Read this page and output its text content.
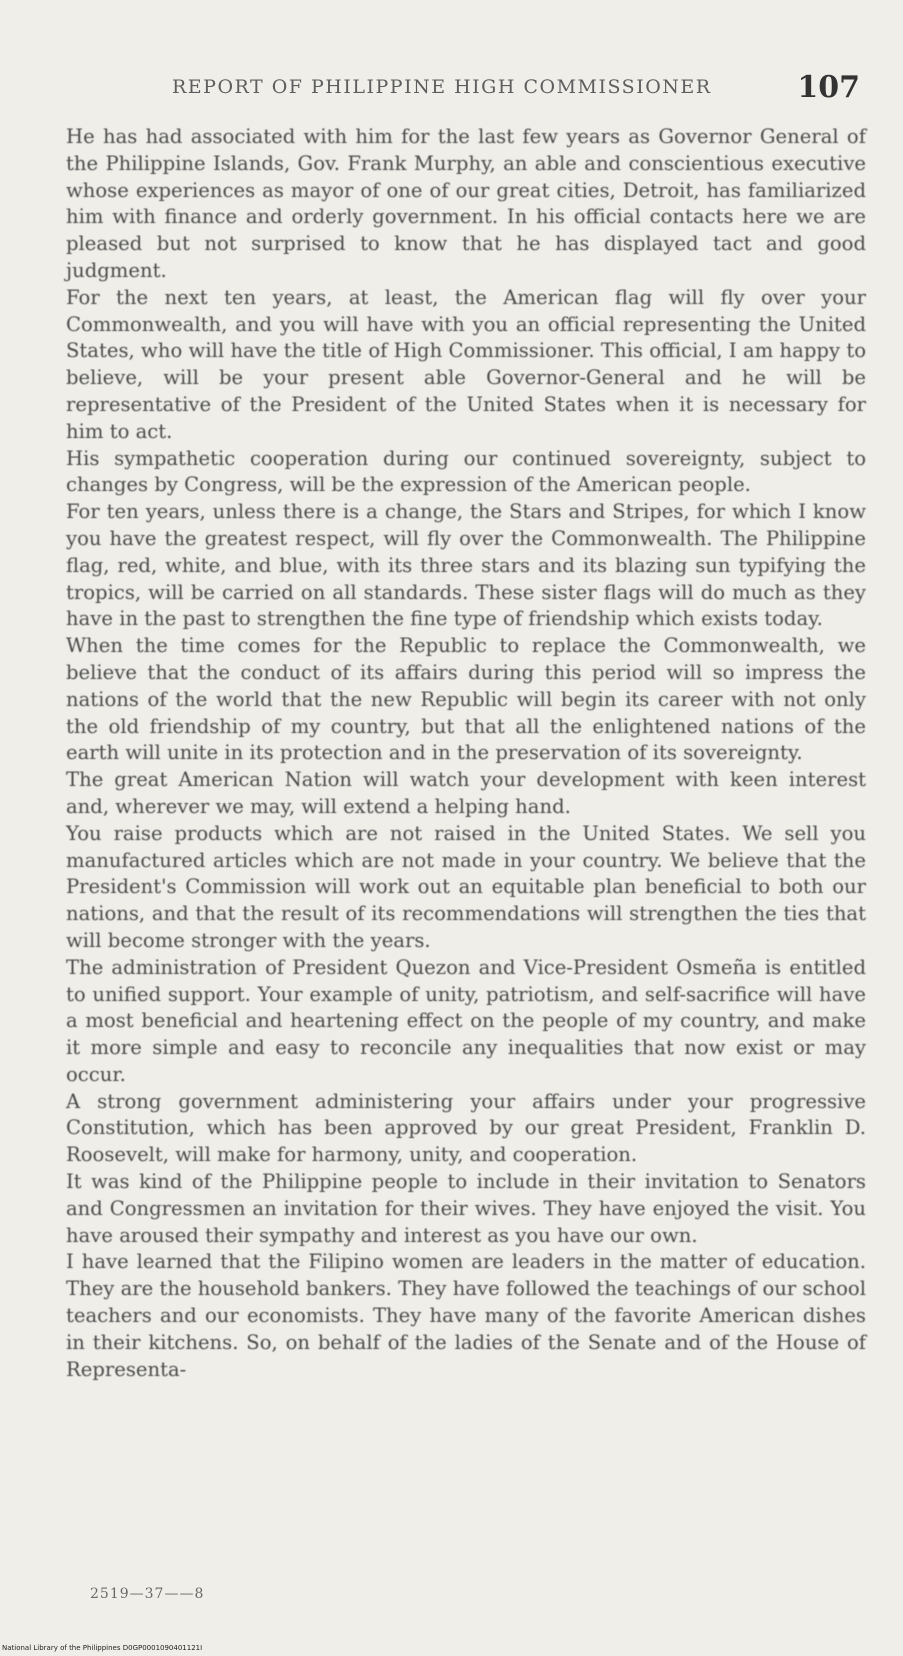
REPORT OF PHILIPPINE HIGH COMMISSIONER	107

He has had associated with him for the last few years as Governor General of the Philippine Islands, Gov. Frank Murphy, an able and conscientious executive whose experiences as mayor of one of our great cities, Detroit, has familiarized him with finance and orderly government. In his official contacts here we are pleased but not surprised to know that he has displayed tact and good judgment.

For the next ten years, at least, the American flag will fly over your Commonwealth, and you will have with you an official representing the United States, who will have the title of High Commissioner. This official, I am happy to believe, will be your present able Governor-General and he will be representative of the President of the United States when it is necessary for him to act.

His sympathetic cooperation during our continued sovereignty, subject to changes by Congress, will be the expression of the American people.

For ten years, unless there is a change, the Stars and Stripes, for which I know you have the greatest respect, will fly over the Commonwealth. The Philippine flag, red, white, and blue, with its three stars and its blazing sun typifying the tropics, will be carried on all standards. These sister flags will do much as they have in the past to strengthen the fine type of friendship which exists today.

When the time comes for the Republic to replace the Commonwealth, we believe that the conduct of its affairs during this period will so impress the nations of the world that the new Republic will begin its career with not only the old friendship of my country, but that all the enlightened nations of the earth will unite in its protection and in the preservation of its sovereignty.

The great American Nation will watch your development with keen interest and, wherever we may, will extend a helping hand.

You raise products which are not raised in the United States. We sell you manufactured articles which are not made in your country. We believe that the President's Commission will work out an equitable plan beneficial to both our nations, and that the result of its recommendations will strengthen the ties that will become stronger with the years.

The administration of President Quezon and Vice-President Osmeña is entitled to unified support. Your example of unity, patriotism, and self-sacrifice will have a most beneficial and heartening effect on the people of my country, and make it more simple and easy to reconcile any inequalities that now exist or may occur.

A strong government administering your affairs under your progressive Constitution, which has been approved by our great President, Franklin D. Roosevelt, will make for harmony, unity, and cooperation.

It was kind of the Philippine people to include in their invitation to Senators and Congressmen an invitation for their wives. They have enjoyed the visit. You have aroused their sympathy and interest as you have our own.

I have learned that the Filipino women are leaders in the matter of education. They are the household bankers. They have followed the teachings of our school teachers and our economists. They have many of the favorite American dishes in their kitchens. So, on behalf of the ladies of the Senate and of the House of Representa-

2519—37——8
National Library of the Philippines D0GP0001090401121I
